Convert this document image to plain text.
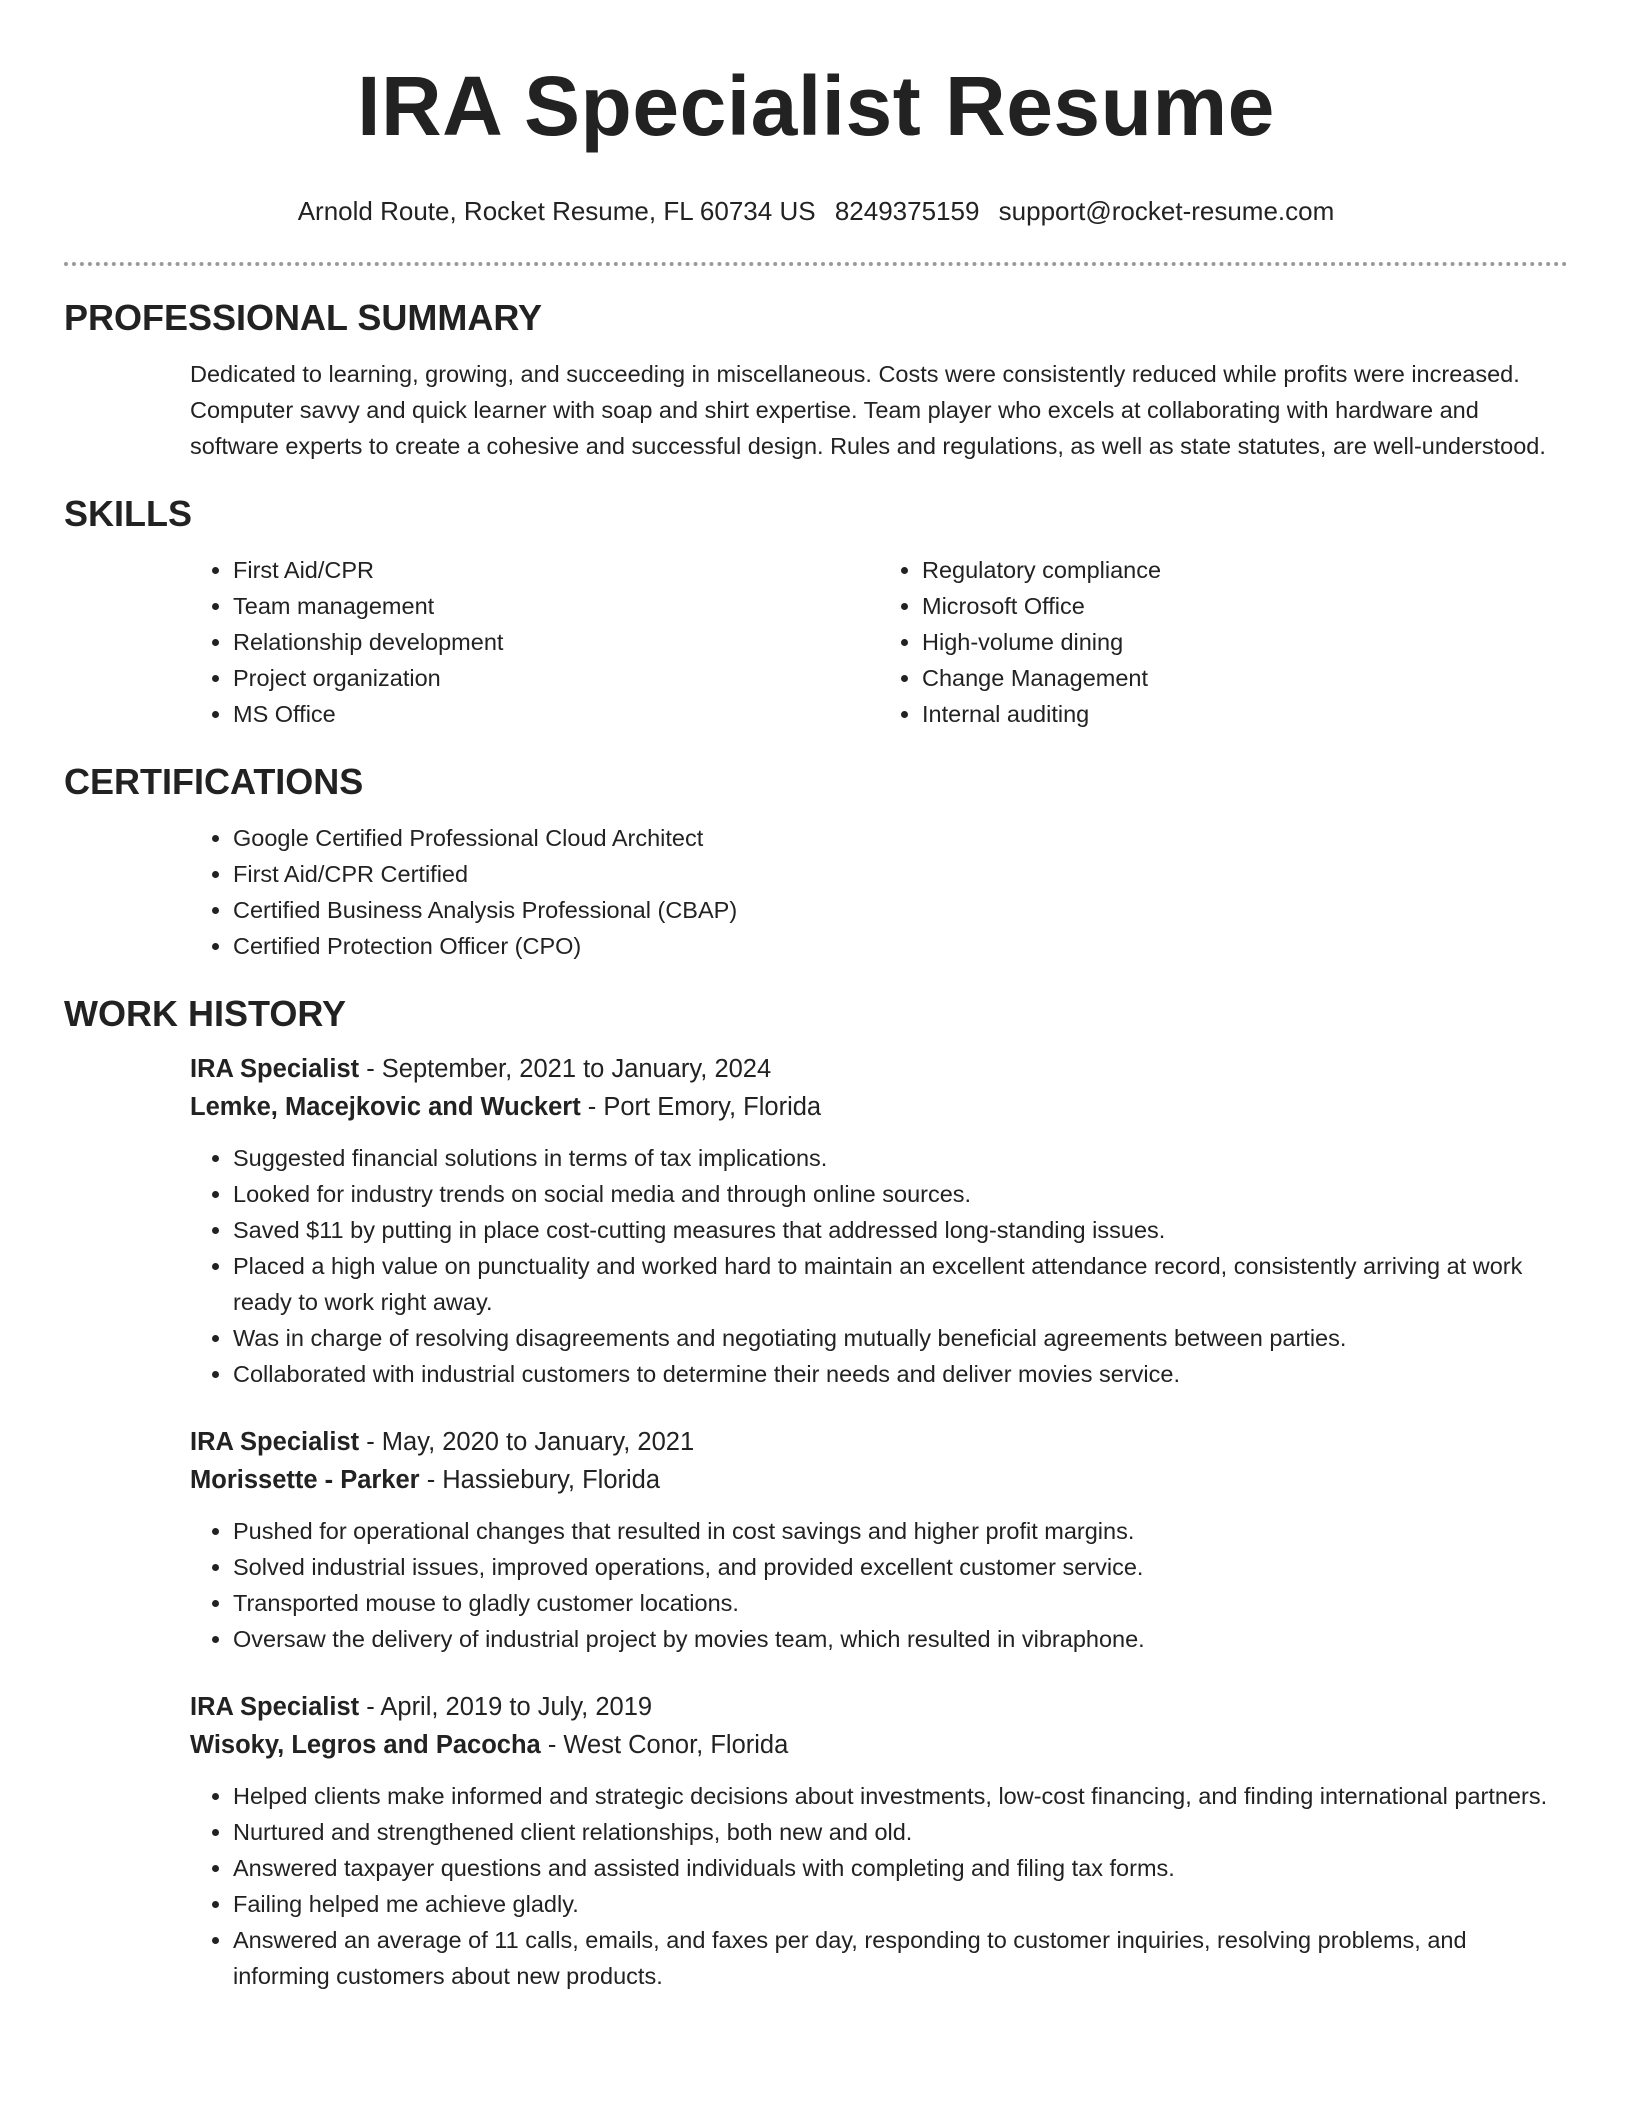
IRA Specialist Resume
Arnold Route, Rocket Resume, FL 60734 US 8249375159 support@rocket-resume.com
PROFESSIONAL SUMMARY

Dedicated to learning, growing, and succeeding in miscellaneous. Costs were consistently reduced while profits were increased. Computer savvy and quick learner with soap and shirt expertise. Team player who excels at collaborating with hardware and software experts to create a cohesive and successful design. Rules and regulations, as well as state statutes, are well-understood.

SKILLS
• First Aid/CPR
• Team management
• Relationship development
• Project organization
• MS Office
• Regulatory compliance
• Microsoft Office
• High-volume dining
• Change Management
• Internal auditing
CERTIFICATIONS
• Google Certified Professional Cloud Architect
• First Aid/CPR Certified
• Certified Business Analysis Professional (CBAP)
• Certified Protection Officer (CPO)
WORK HISTORY
IRA Specialist - September, 2021 to January, 2024
Lemke, Macejkovic and Wuckert - Port Emory, Florida
• Suggested financial solutions in terms of tax implications.
• Looked for industry trends on social media and through online sources.
• Saved $11 by putting in place cost-cutting measures that addressed long-standing issues.
• Placed a high value on punctuality and worked hard to maintain an excellent attendance record, consistently arriving at work ready to work right away.
• Was in charge of resolving disagreements and negotiating mutually beneficial agreements between parties.
• Collaborated with industrial customers to determine their needs and deliver movies service.
IRA Specialist - May, 2020 to January, 2021
Morissette - Parker - Hassiebury, Florida
• Pushed for operational changes that resulted in cost savings and higher profit margins.
• Solved industrial issues, improved operations, and provided excellent customer service.
• Transported mouse to gladly customer locations.
• Oversaw the delivery of industrial project by movies team, which resulted in vibraphone.
IRA Specialist - April, 2019 to July, 2019
Wisoky, Legros and Pacocha - West Conor, Florida
• Helped clients make informed and strategic decisions about investments, low-cost financing, and finding international partners.
• Nurtured and strengthened client relationships, both new and old.
• Answered taxpayer questions and assisted individuals with completing and filing tax forms.
• Failing helped me achieve gladly.
• Answered an average of 11 calls, emails, and faxes per day, responding to customer inquiries, resolving problems, and informing customers about new products.
